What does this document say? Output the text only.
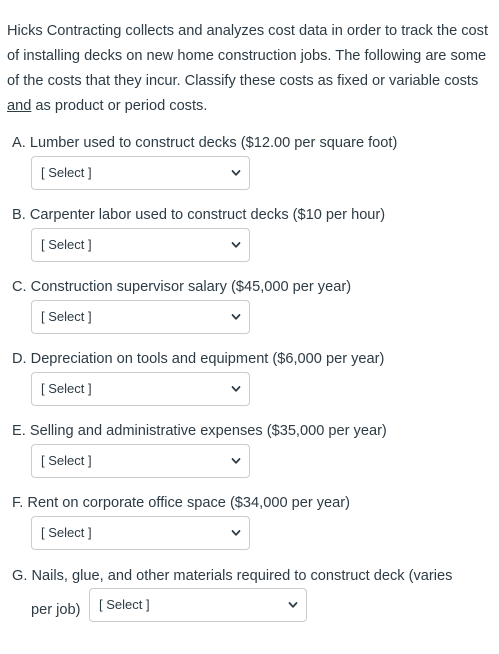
Hicks Contracting collects and analyzes cost data in order to track the cost of installing decks on new home construction jobs. The following are some of the costs that they incur. Classify these costs as fixed or variable costs and as product or period costs.
A. Lumber used to construct decks ($12.00 per square foot)
[ Select ]
B. Carpenter labor used to construct decks ($10 per hour)
[ Select ]
C. Construction supervisor salary ($45,000 per year)
[ Select ]
D. Depreciation on tools and equipment ($6,000 per year)
[ Select ]
E. Selling and administrative expenses ($35,000 per year)
[ Select ]
F. Rent on corporate office space ($34,000 per year)
[ Select ]
G. Nails, glue, and other materials required to construct deck (varies
per job)	[ Select ]
